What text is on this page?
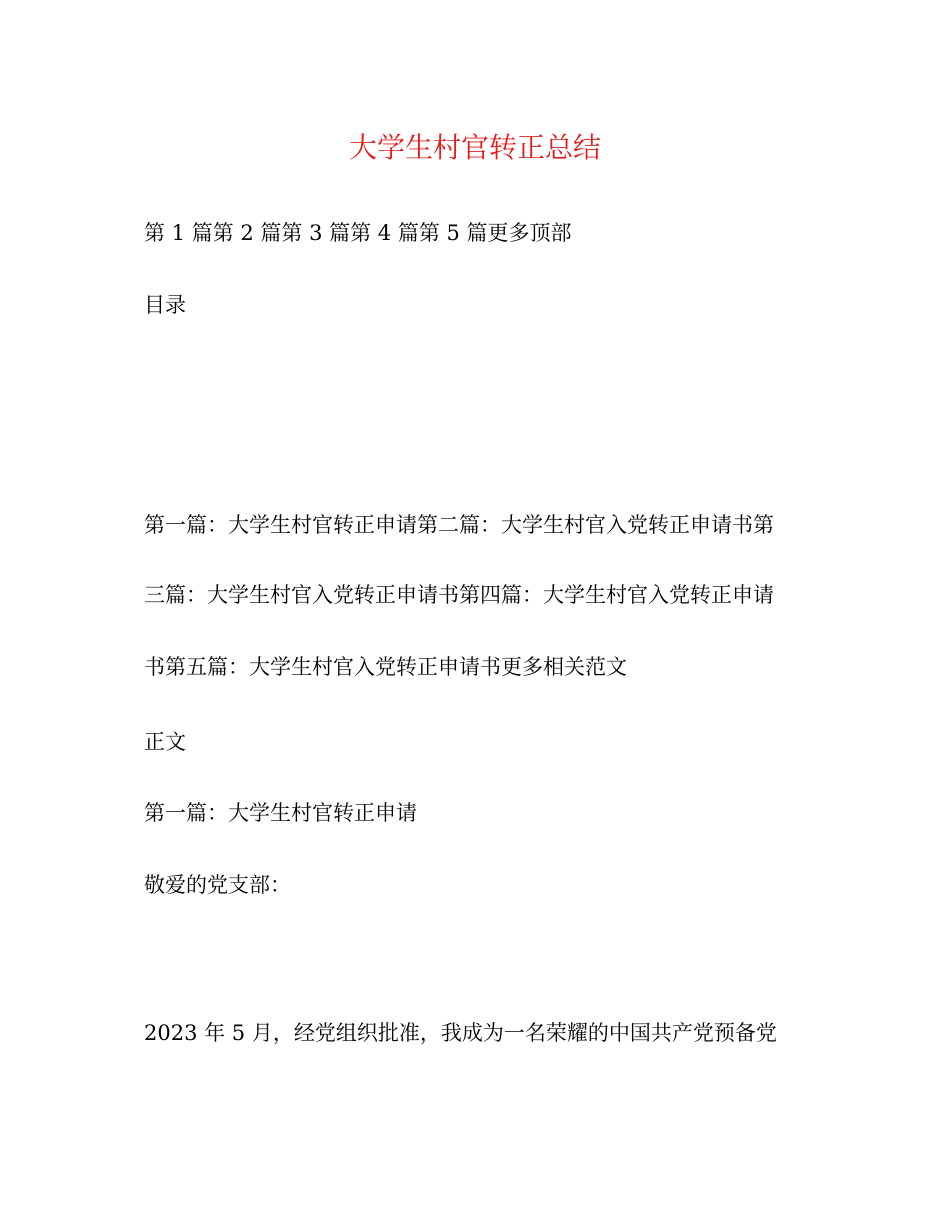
大学生村官转正总结
第 1 篇第 2 篇第 3 篇第 4 篇第 5 篇更多顶部
目录
第一篇：大学生村官转正申请第二篇：大学生村官入党转正申请书第
三篇：大学生村官入党转正申请书第四篇：大学生村官入党转正申请
书第五篇：大学生村官入党转正申请书更多相关范文
正文
第一篇：大学生村官转正申请
敬爱的党支部：
2023 年 5 月，经党组织批准，我成为一名荣耀的中国共产党预备党
